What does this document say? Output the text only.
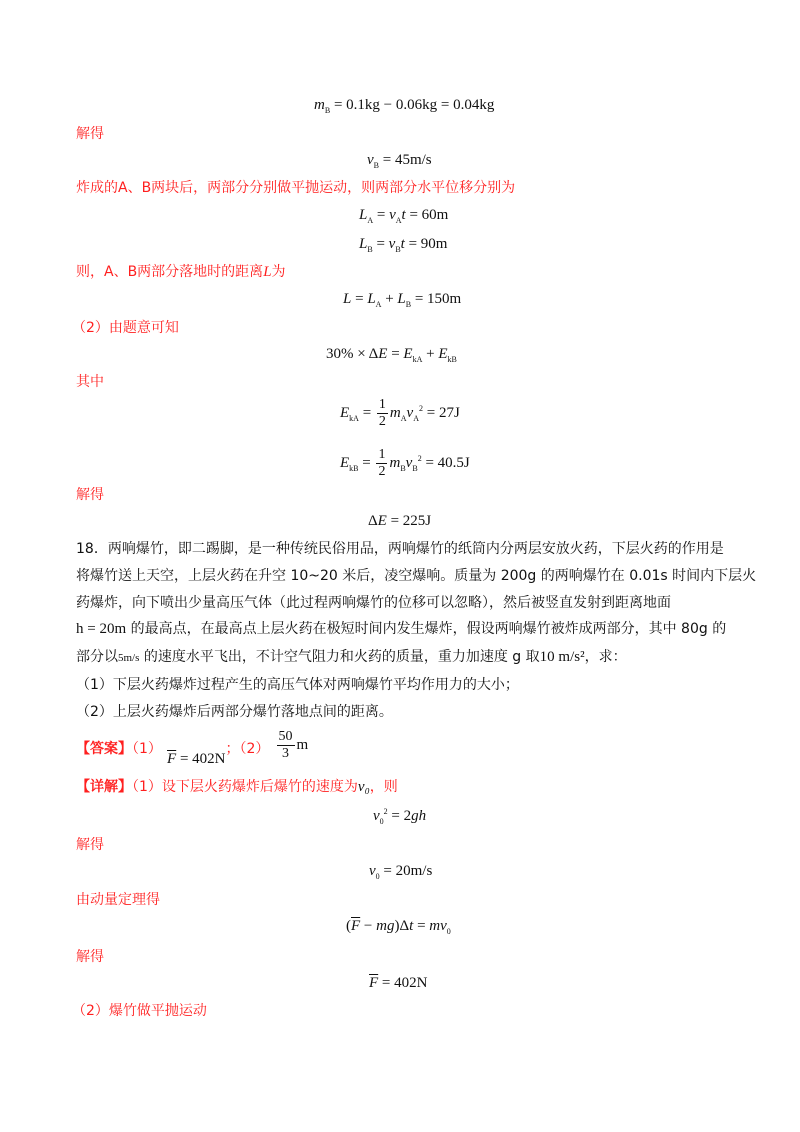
$m_B = 0.1kg - 0.06kg = 0.04kg$
解得
$v_B = 45m/s$
炸成的A、B两块后，两部分分别做平抛运动，则两部分水平位移分别为
$L_A = v_At = 60m$
$L_B = v_Bt = 90m$
则，A、B两部分落地时的距离L为
$L = L_A + L_B = 150m$
（2）由题意可知
$30\% \times \Delta E = E_{kA} + E_{kB}$
其中
$E_{kA} = \frac{1}{2} m_Av_A^2 = 27J$
$E_{kB} = \frac{1}{2} m_Bv_B^2 = 40.5J$
解得
ΔE = 225J
18．两响爆竹，即二踢脚，是一种传统民俗用品，两响爆竹的纸筒内分两层安放火药，下层火药的作用是
将爆竹送上天空，上层火药在升空 10~20 米后，凌空爆响。质量为 200g 的两响爆竹在 0.01s 时间内下层火
药爆炸，向下喷出少量高压气体（此过程两响爆竹的位移可以忽略），然后被竖直发射到距离地面
h = 20m 的最高点，在最高点上层火药在极短时间内发生爆炸，假设两响爆竹被炸成两部分，其中 80g 的
部分以5m/s 的速度水平飞出，不计空气阻力和火药的质量，重力加速度 g 取10 m/s²，求：
（1）下层火药爆炸过程产生的高压气体对两响爆竹平均作用力的大小；
（2）上层火药爆炸后两部分爆竹落地点间的距离。
【答案】（1） $\overline{F} = 402N$；$(2) \frac{50}{3}$ m
【详解】（1）设下层火药爆炸后爆竹的速度为v₀，则
$v_0^2 = 2gh$
解得
$v_0 = 20m/s$
由动量定理得
$(\overline{F} - mg)\Delta t = mv_0$
解得
$\overline{F} = 402N$
（2）爆竹做平抛运动
